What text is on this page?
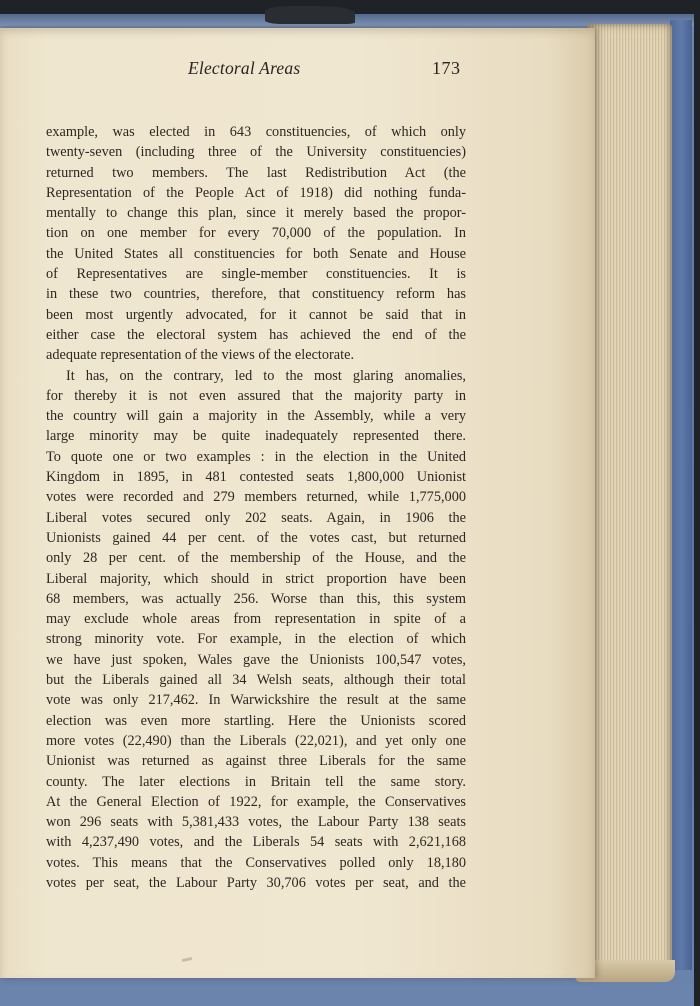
Electoral Areas	173
example, was elected in 643 constituencies, of which only
twenty-seven (including three of the University constituencies)
returned two members. The last Redistribution Act (the
Representation of the People Act of 1918) did nothing funda-
mentally to change this plan, since it merely based the propor-
tion on one member for every 70,000 of the population. In
the United States all constituencies for both Senate and House
of Representatives are single-member constituencies. It is
in these two countries, therefore, that constituency reform has
been most urgently advocated, for it cannot be said that in
either case the electoral system has achieved the end of the
adequate representation of the views of the electorate.
It has, on the contrary, led to the most glaring anomalies,
for thereby it is not even assured that the majority party in
the country will gain a majority in the Assembly, while a very
large minority may be quite inadequately represented there.
To quote one or two examples : in the election in the United
Kingdom in 1895, in 481 contested seats 1,800,000 Unionist
votes were recorded and 279 members returned, while 1,775,000
Liberal votes secured only 202 seats. Again, in 1906 the
Unionists gained 44 per cent. of the votes cast, but returned
only 28 per cent. of the membership of the House, and the
Liberal majority, which should in strict proportion have been
68 members, was actually 256. Worse than this, this system
may exclude whole areas from representation in spite of a
strong minority vote. For example, in the election of which
we have just spoken, Wales gave the Unionists 100,547 votes,
but the Liberals gained all 34 Welsh seats, although their total
vote was only 217,462. In Warwickshire the result at the same
election was even more startling. Here the Unionists scored
more votes (22,490) than the Liberals (22,021), and yet only one
Unionist was returned as against three Liberals for the same
county. The later elections in Britain tell the same story.
At the General Election of 1922, for example, the Conservatives
won 296 seats with 5,381,433 votes, the Labour Party 138 seats
with 4,237,490 votes, and the Liberals 54 seats with 2,621,168
votes. This means that the Conservatives polled only 18,180
votes per seat, the Labour Party 30,706 votes per seat, and the
